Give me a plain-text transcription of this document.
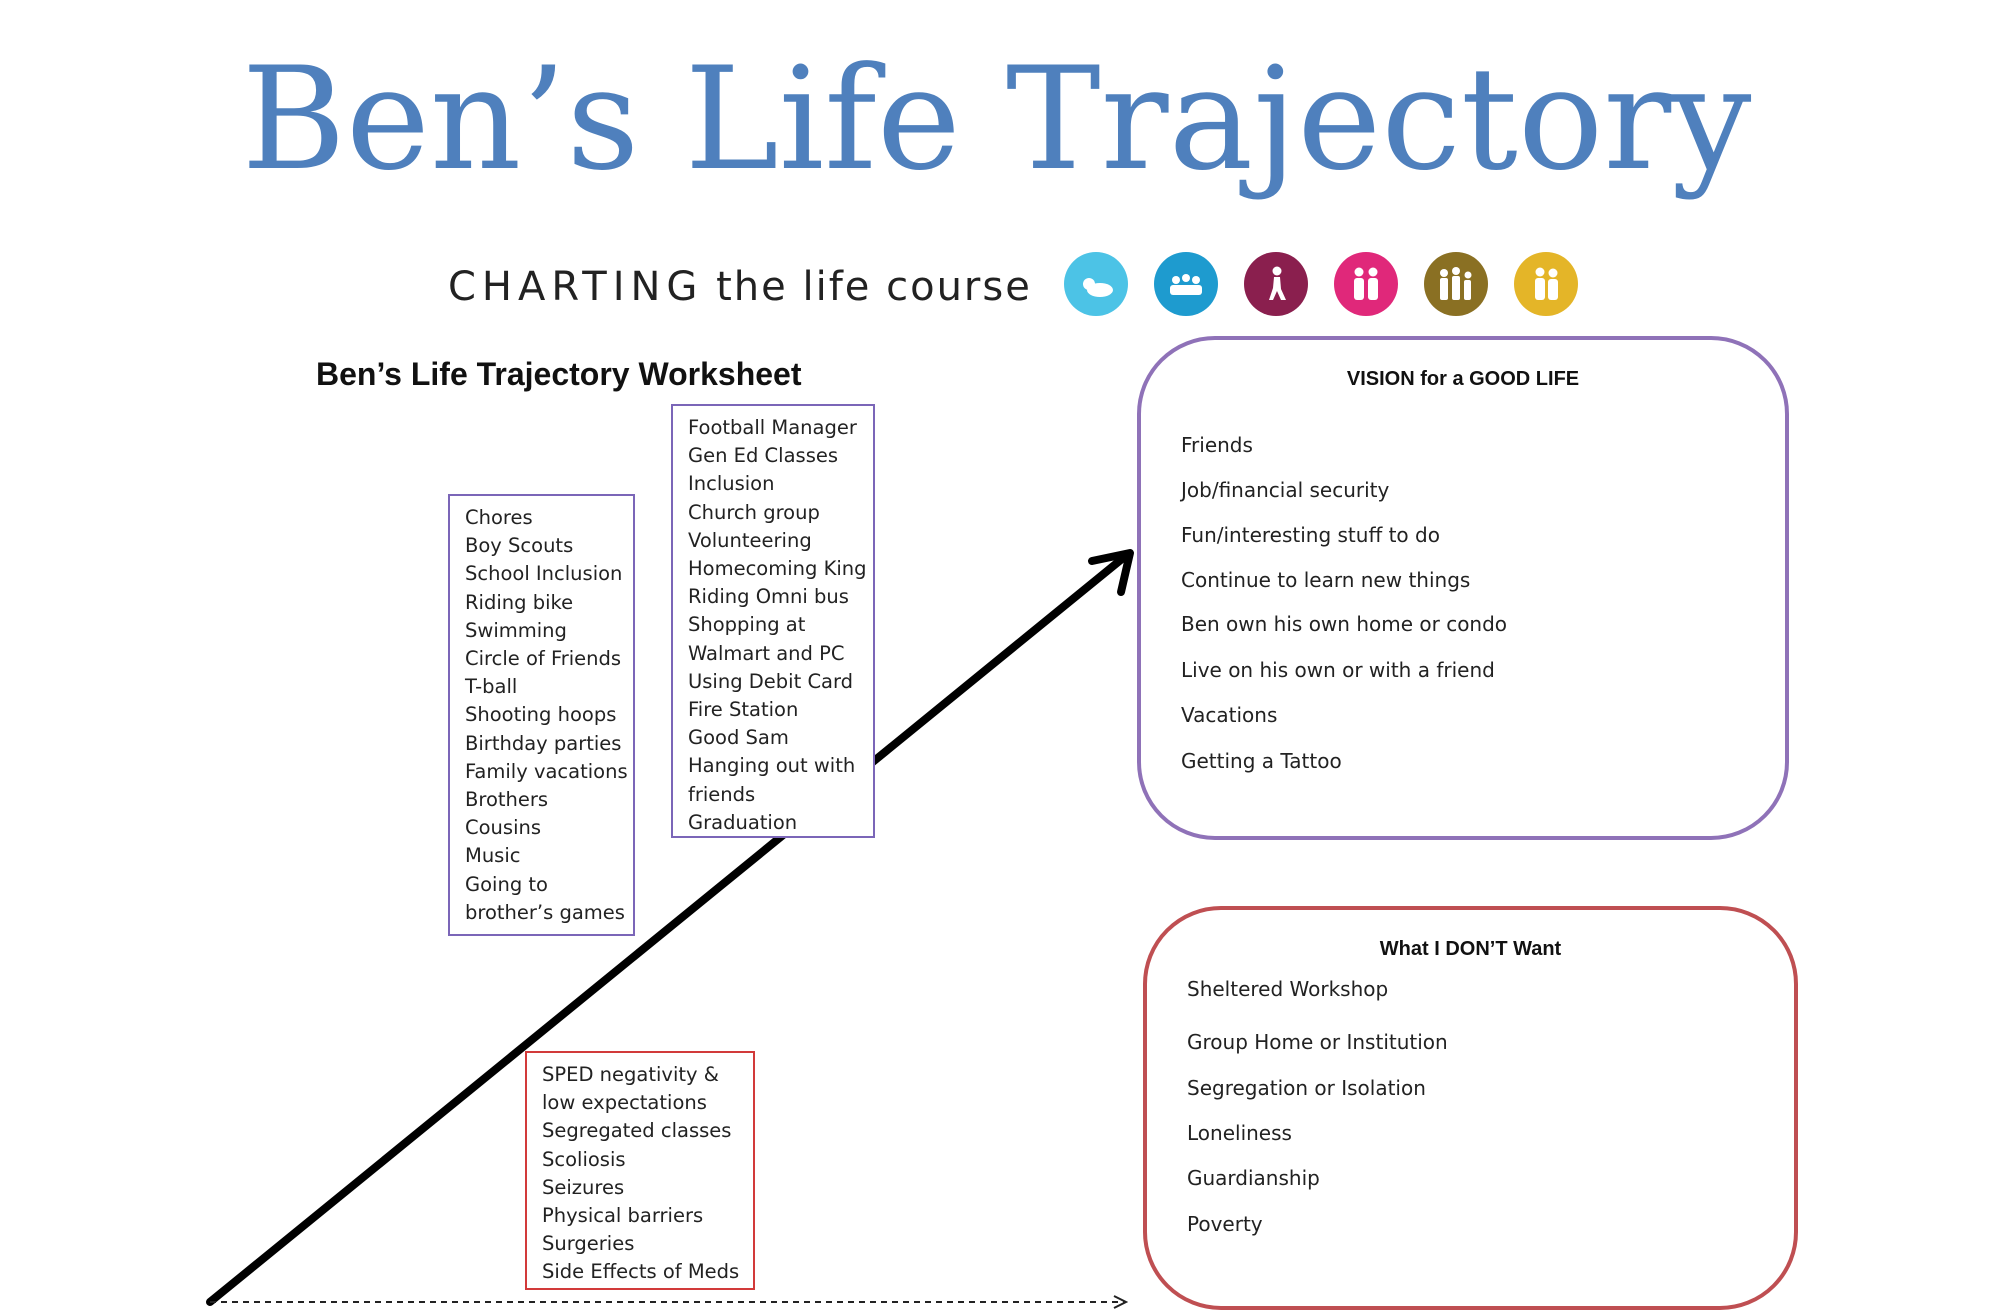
Ben’s Life Trajectory
CHARTING the life course
Ben’s Life Trajectory Worksheet
Chores
Boy Scouts
School Inclusion
Riding bike
Swimming
Circle of Friends
T-ball
Shooting hoops
Birthday parties
Family vacations
Brothers
Cousins
Music
Going to
brother’s games
Football Manager
Gen Ed Classes
Inclusion
Church group
Volunteering
Homecoming King
Riding Omni bus
Shopping at
Walmart and PC
Using Debit Card
Fire Station
Good Sam
Hanging out with
friends
Graduation
SPED negativity &
low expectations
Segregated classes
Scoliosis
Seizures
Physical barriers
Surgeries
Side Effects of Meds
VISION for a GOOD LIFE
Friends
Job/financial security
Fun/interesting stuff to do
Continue to learn new things
Ben own his own home or condo
Live on his own or with a friend
Vacations
Getting a Tattoo
What I DON’T Want
Sheltered Workshop
Group Home or Institution
Segregation or Isolation
Loneliness
Guardianship
Poverty
